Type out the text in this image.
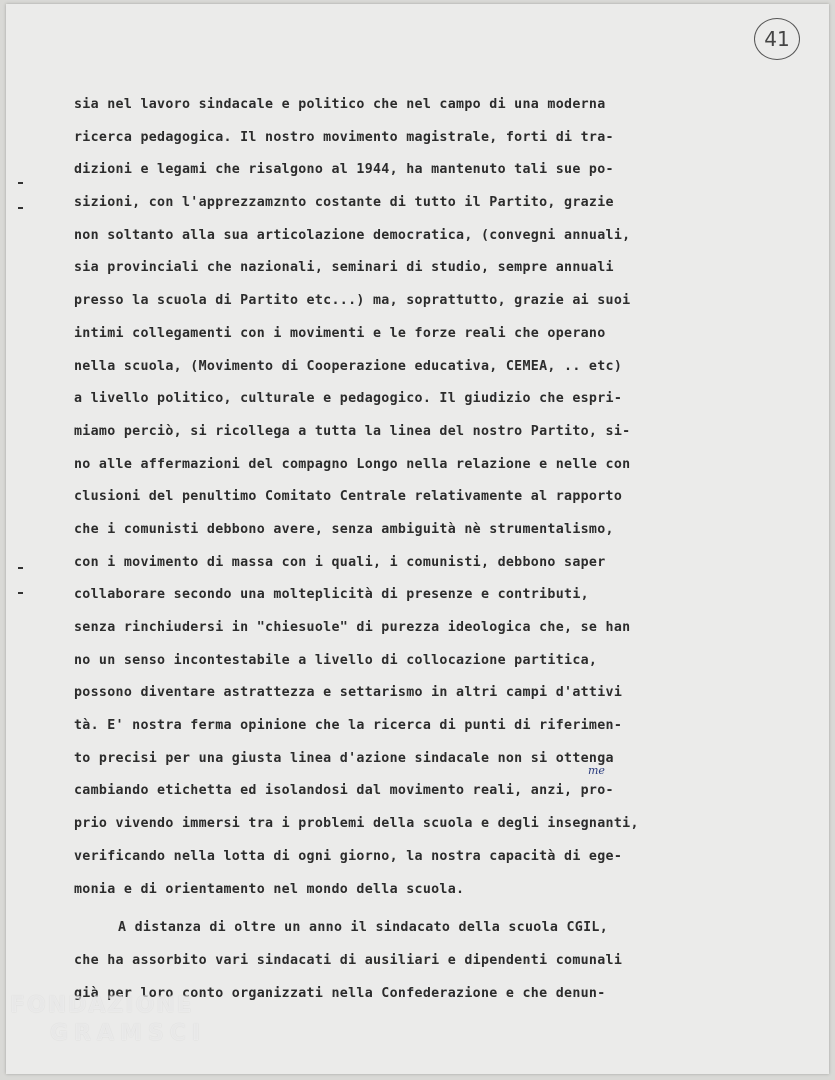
41
sia nel lavoro sindacale e politico che nel campo di una moderna
ricerca pedagogica. Il nostro movimento magistrale, forti di tra-
dizioni e legami che risalgono al 1944, ha mantenuto tali sue po-
sizioni, con l'apprezzamznto costante di tutto il Partito, grazie
non soltanto alla sua articolazione democratica, (convegni annuali,
sia provinciali che nazionali, seminari di studio, sempre annuali
presso la scuola di Partito etc...) ma, soprattutto, grazie ai suoi
intimi collegamenti con i movimenti e le forze reali che operano
nella scuola, (Movimento di Cooperazione educativa, CEMEA, .. etc)
a livello politico, culturale e pedagogico. Il giudizio che espri-
miamo perciò, si ricollega a tutta la linea del nostro Partito, si-
no alle affermazioni del compagno Longo nella relazione e nelle con
clusioni del penultimo Comitato Centrale relativamente al rapporto
che i comunisti debbono avere, senza ambiguità nè strumentalismo,
con i movimento di massa con i quali, i comunisti, debbono saper
collaborare secondo una molteplicità di presenze e contributi,
senza rinchiudersi in "chiesuole" di purezza ideologica che, se han
no un senso incontestabile a livello di collocazione partitica,
possono diventare astrattezza e settarismo in altri campi d'attivi
tà. E' nostra ferma opinione che la ricerca di punti di riferimen-
to precisi per una giusta linea d'azione sindacale non si ottenga
cambiando etichetta ed isolandosi dal movimento reali, anzi, pro-
prio vivendo immersi tra i problemi della scuola e degli insegnanti,
verificando nella lotta di ogni giorno, la nostra capacità di ege-
monia e di orientamento nel mondo della scuola.
A distanza di oltre un anno il sindacato della scuola CGIL,
che ha assorbito vari sindacati di ausiliari e dipendenti comunali
già per loro conto organizzati nella Confederazione e che denun-
me
FONDAZIONE
GRAMSCI
